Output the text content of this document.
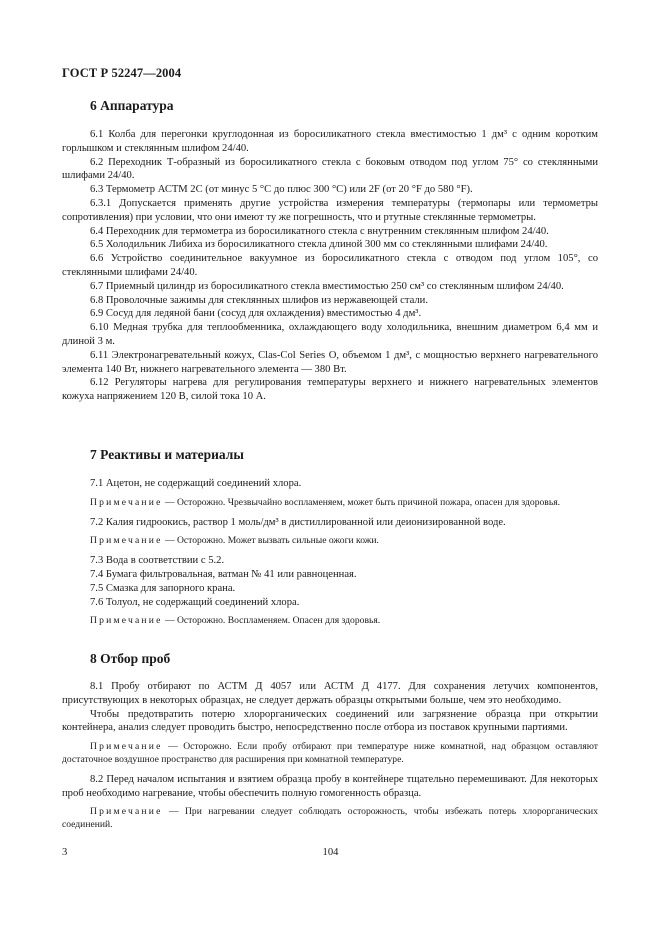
ГОСТ Р 52247—2004
6 Аппаратура

6.1 Колба для перегонки круглодонная из боросиликатного стекла вместимостью 1 дм³ с одним коротким горлышком и стеклянным шлифом 24/40.

6.2 Переходник Т-образный из боросиликатного стекла с боковым отводом под углом 75° со стеклянными шлифами 24/40.

6.3 Термометр АСТМ 2С (от минус 5 °С до плюс 300 °С) или 2F (от 20 °F до 580 °F).

6.3.1 Допускается применять другие устройства измерения температуры (термопары или термометры сопротивления) при условии, что они имеют ту же погрешность, что и ртутные стеклянные термометры.

6.4 Переходник для термометра из боросиликатного стекла с внутренним стеклянным шлифом 24/40.

6.5 Холодильник Либиха из боросиликатного стекла длиной 300 мм со стеклянными шлифами 24/40.

6.6 Устройство соединительное вакуумное из боросиликатного стекла с отводом под углом 105°, со стеклянными шлифами 24/40.

6.7 Приемный цилиндр из боросиликатного стекла вместимостью 250 см³ со стеклянным шлифом 24/40.

6.8 Проволочные зажимы для стеклянных шлифов из нержавеющей стали.

6.9 Сосуд для ледяной бани (сосуд для охлаждения) вместимостью 4 дм³.

6.10 Медная трубка для теплообменника, охлаждающего воду холодильника, внешним диаметром 6,4 мм и длиной 3 м.

6.11 Электронагревательный кожух, Clas-Col Series O, объемом 1 дм³, с мощностью верхнего нагревательного элемента 140 Вт, нижнего нагревательного элемента — 380 Вт.

6.12 Регуляторы нагрева для регулирования температуры верхнего и нижнего нагревательных элементов кожуха напряжением 120 В, силой тока 10 А.

7 Реактивы и материалы

7.1 Ацетон, не содержащий соединений хлора.

Примечание — Осторожно. Чрезвычайно воспламеняем, может быть причиной пожара, опасен для здоровья.

7.2 Калия гидроокись, раствор 1 моль/дм³ в дистиллированной или деионизированной воде.

Примечание — Осторожно. Может вызвать сильные ожоги кожи.

7.3 Вода в соответствии с 5.2.

7.4 Бумага фильтровальная, ватман № 41 или равноценная.

7.5 Смазка для запорного крана.

7.6 Толуол, не содержащий соединений хлора.

Примечание — Осторожно. Воспламеняем. Опасен для здоровья.

8 Отбор проб

8.1 Пробу отбирают по АСТМ Д 4057 или АСТМ Д 4177. Для сохранения летучих компонентов, присутствующих в некоторых образцах, не следует держать образцы открытыми больше, чем это необходимо.

Чтобы предотвратить потерю хлорорганических соединений или загрязнение образца при открытии контейнера, анализ следует проводить быстро, непосредственно после отбора из поставок крупными партиями.

Примечание — Осторожно. Если пробу отбирают при температуре ниже комнатной, над образцом оставляют достаточное воздушное пространство для расширения при комнатной температуре.

8.2 Перед началом испытания и взятием образца пробу в контейнере тщательно перемешивают. Для некоторых проб необходимо нагревание, чтобы обеспечить полную гомогенность образца.

Примечание — При нагревании следует соблюдать осторожность, чтобы избежать потерь хлорорганических соединений.

3	104
